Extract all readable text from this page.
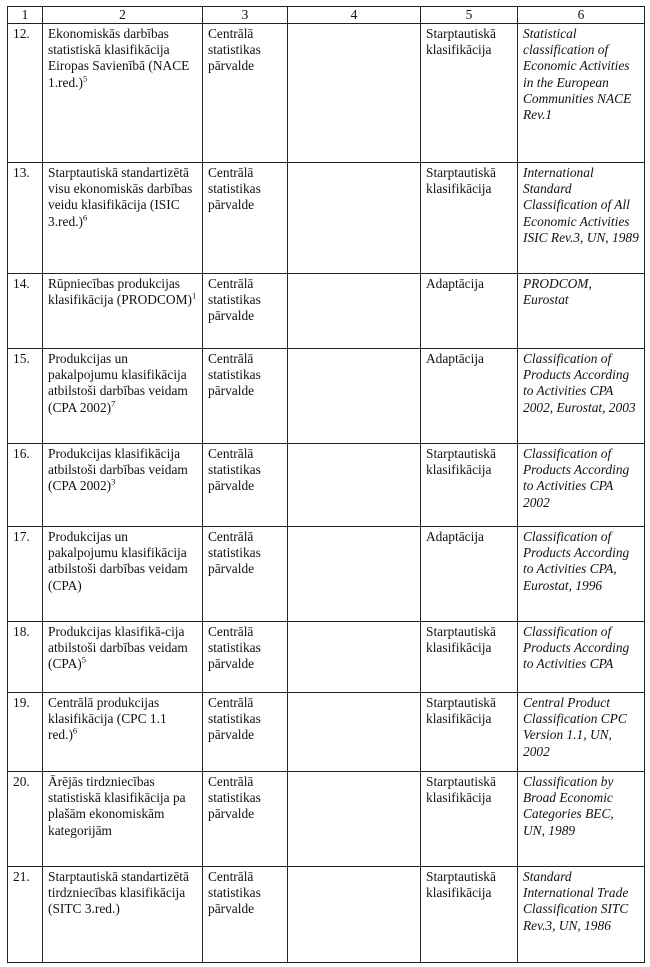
1	2	3	4	5	6
12.	Ekonomiskās darbības statistiskā klasifikācija Eiropas Savienībā (NACE 1.red.)$^5$	Centrālā statistikas pārvalde		Starptautiskā klasifikācija	Statistical classification of Economic Activities in the European Communities NACE Rev.1
13.	Starptautiskā standartizētā visu ekonomiskās darbības veidu klasifikācija (ISIC 3.red.)$^6$	Centrālā statistikas pārvalde		Starptautiskā klasifikācija	International Standard Classification of All Economic Activities ISIC Rev.3, UN, 1989
14.	Rūpniecības produkcijas klasifikācija (PRODCOM)$^1$	Centrālā statistikas pārvalde		Adaptācija	PRODCOM, Eurostat
15.	Produkcijas un pakalpojumu klasifikācija atbilstoši darbības veidam (CPA 2002)$^7$	Centrālā statistikas pārvalde		Adaptācija	Classification of Products According to Activities CPA 2002, Eurostat, 2003
16.	Produkcijas klasifikācija atbilstoši darbības veidam (CPA 2002)$^3$	Centrālā statistikas pārvalde		Starptautiskā klasifikācija	Classification of Products According to Activities CPA 2002
17.	Produkcijas un pakalpojumu klasifikācija atbilstoši darbības veidam (CPA)	Centrālā statistikas pārvalde		Adaptācija	Classification of Products According to Activities CPA, Eurostat, 1996
18.	Produkcijas klasifikā-cija atbilstoši darbības veidam (CPA)$^5$	Centrālā statistikas pārvalde		Starptautiskā klasifikācija	Classification of Products According to Activities CPA
19.	Centrālā produkcijas klasifikācija (CPC 1.1 red.)$^6$	Centrālā statistikas pārvalde		Starptautiskā klasifikācija	Central Product Classification CPC Version 1.1, UN, 2002
20.	Ārējās tirdzniecības statistiskā klasifikācija pa plašām ekonomiskām kategorijām	Centrālā statistikas pārvalde		Starptautiskā klasifikācija	Classification by Broad Economic Categories BEC, UN, 1989
21.	Starptautiskā standartizētā tirdzniecības klasifikācija (SITC 3.red.)	Centrālā statistikas pārvalde		Starptautiskā klasifikācija	Standard International Trade Classification SITC Rev.3, UN, 1986
